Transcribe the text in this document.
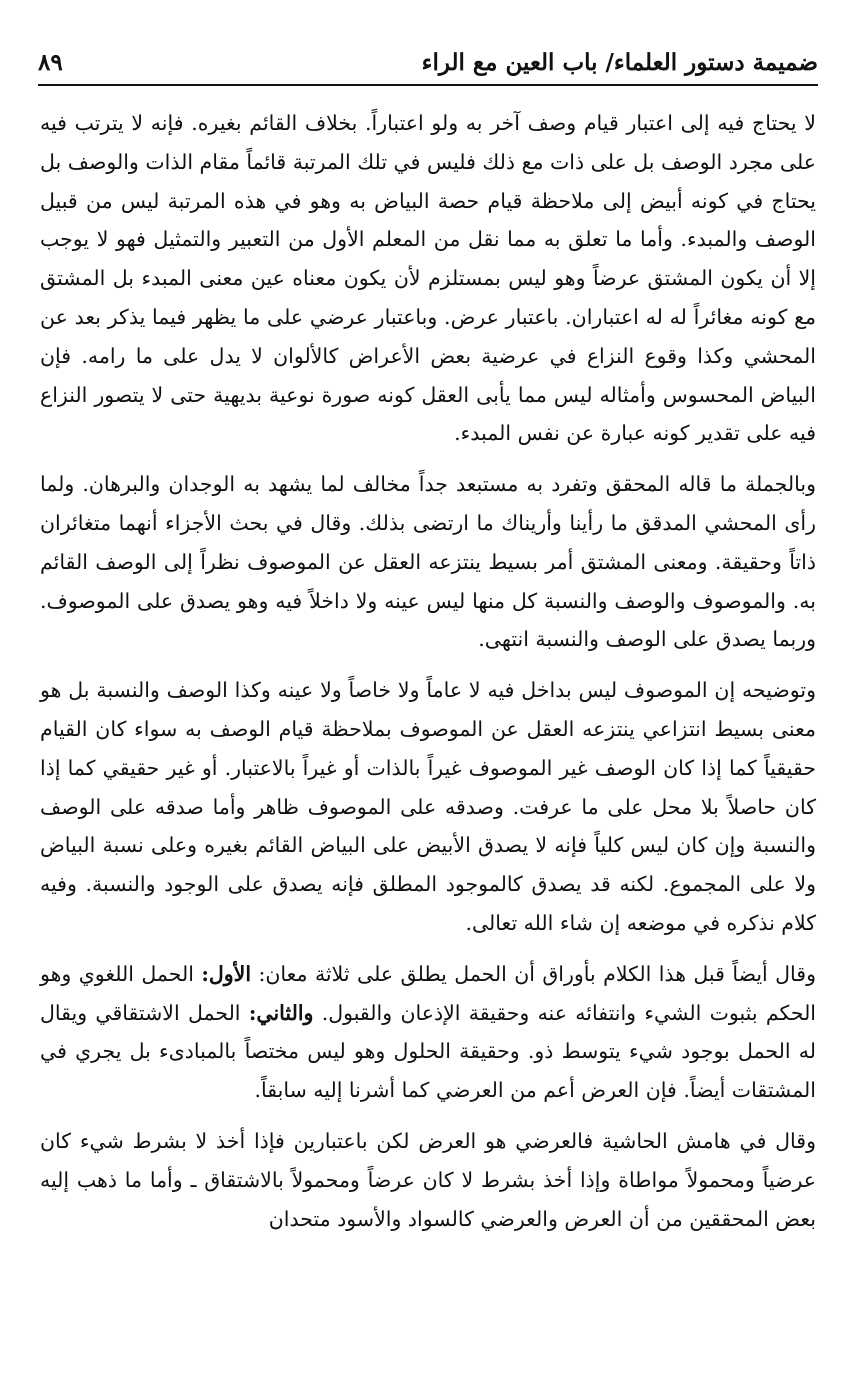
ضميمة دستور العلماء/ باب العين مع الراء
٨٩

لا يحتاج فيه إلى اعتبار قيام وصف آخر به ولو اعتباراً. بخلاف القائم بغيره. فإنه لا يترتب فيه على مجرد الوصف بل على ذات مع ذلك فليس في تلك المرتبة قائماً مقام الذات والوصف بل يحتاج في كونه أبيض إلى ملاحظة قيام حصة البياض به وهو في هذه المرتبة ليس من قبيل الوصف والمبدء. وأما ما تعلق به مما نقل من المعلم الأول من التعبير والتمثيل فهو لا يوجب إلا أن يكون المشتق عرضاً وهو ليس بمستلزم لأن يكون معناه عين معنى المبدء بل المشتق مع كونه مغائراً له له اعتباران. باعتبار عرض. وباعتبار عرضي على ما يظهر فيما يذكر بعد عن المحشي وكذا وقوع النزاع في عرضية بعض الأعراض كالألوان لا يدل على ما رامه. فإن البياض المحسوس وأمثاله ليس مما يأبى العقل كونه صورة نوعية بديهية حتى لا يتصور النزاع فيه على تقدير كونه عبارة عن نفس المبدء.

وبالجملة ما قاله المحقق وتفرد به مستبعد جداً مخالف لما يشهد به الوجدان والبرهان. ولما رأى المحشي المدقق ما رأينا وأريناك ما ارتضى بذلك. وقال في بحث الأجزاء أنهما متغائران ذاتاً وحقيقة. ومعنى المشتق أمر بسيط ينتزعه العقل عن الموصوف نظراً إلى الوصف القائم به. والموصوف والوصف والنسبة كل منها ليس عينه ولا داخلاً فيه وهو يصدق على الموصوف. وربما يصدق على الوصف والنسبة انتهى.

وتوضيحه إن الموصوف ليس بداخل فيه لا عاماً ولا خاصاً ولا عينه وكذا الوصف والنسبة بل هو معنى بسيط انتزاعي ينتزعه العقل عن الموصوف بملاحظة قيام الوصف به سواء كان القيام حقيقياً كما إذا كان الوصف غير الموصوف غيراً بالذات أو غيراً بالاعتبار. أو غير حقيقي كما إذا كان حاصلاً بلا محل على ما عرفت. وصدقه على الموصوف ظاهر وأما صدقه على الوصف والنسبة وإن كان ليس كلياً فإنه لا يصدق الأبيض على البياض القائم بغيره وعلى نسبة البياض ولا على المجموع. لكنه قد يصدق كالموجود المطلق فإنه يصدق على الوجود والنسبة. وفيه كلام نذكره في موضعه إن شاء الله تعالى.

وقال أيضاً قبل هذا الكلام بأوراق أن الحمل يطلق على ثلاثة معان: الأول: الحمل اللغوي وهو الحكم بثبوت الشيء وانتفائه عنه وحقيقة الإذعان والقبول. والثاني: الحمل الاشتقاقي ويقال له الحمل بوجود شيء يتوسط ذو. وحقيقة الحلول وهو ليس مختصاً بالمبادىء بل يجري في المشتقات أيضاً. فإن العرض أعم من العرضي كما أشرنا إليه سابقاً.

وقال في هامش الحاشية فالعرضي هو العرض لكن باعتبارين فإذا أخذ لا بشرط شيء كان عرضياً ومحمولاً مواطاة وإذا أخذ بشرط لا كان عرضاً ومحمولاً بالاشتقاق ـ وأما ما ذهب إليه بعض المحققين من أن العرض والعرضي كالسواد والأسود متحدان
